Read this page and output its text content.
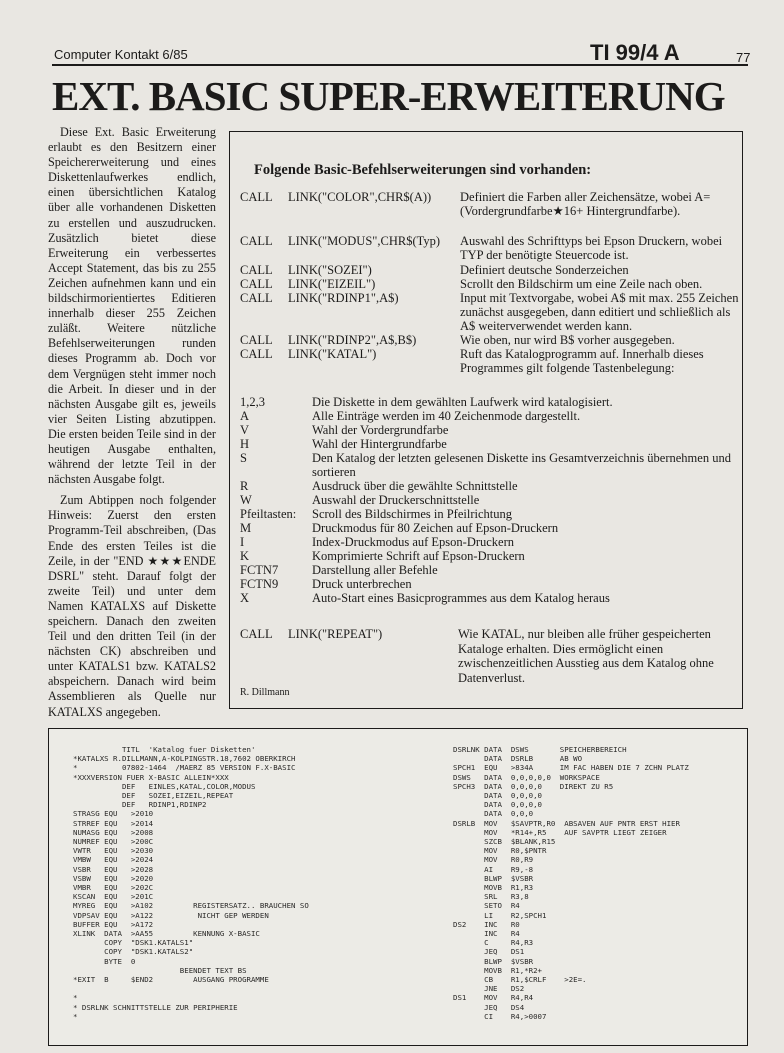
Computer Kontakt 6/85	TI 99/4 A	77
EXT. BASIC SUPER-ERWEITERUNG

Diese Ext. Basic Erweiterung erlaubt es den Besitzern einer Speichererweiterung und eines Diskettenlaufwerkes endlich, einen übersichtlichen Katalog über alle vorhandenen Disketten zu erstellen und auszudrucken. Zusätzlich bietet diese Erweiterung ein verbessertes Accept Statement, das bis zu 255 Zeichen aufnehmen kann und ein bildschirmorientiertes Editieren innerhalb dieser 255 Zeichen zuläßt. Weitere nützliche Befehlserweiterungen runden dieses Programm ab. Doch vor dem Vergnügen steht immer noch die Arbeit. In dieser und in der nächsten Ausgabe gilt es, jeweils vier Seiten Listing abzutippen. Die ersten beiden Teile sind in der heutigen Ausgabe enthalten, während der letzte Teil in der nächsten Ausgabe folgt.

Zum Abtippen noch folgender Hinweis: Zuerst den ersten Programm-Teil abschreiben, (Das Ende des ersten Teiles ist die Zeile, in der "END ★★★ENDE DSRL" steht. Darauf folgt der zweite Teil) und unter dem Namen KATALXS auf Diskette speichern. Danach den zweiten Teil und den dritten Teil (in der nächsten CK) abschreiben und unter KATALS1 bzw. KATALS2 abspeichern. Danach wird beim Assemblieren als Quelle nur KATALXS angegeben.

Folgende Basic-Befehlserweiterungen sind vorhanden:
CALL	LINK("COLOR",CHR$(A))	Definiert die Farben aller Zeichensätze, wobei A=(Vordergrundfarbe★16+ Hintergrundfarbe).
CALL	LINK("MODUS",CHR$(Typ)	Auswahl des Schrifttyps bei Epson Druckern, wobei TYP der benötigte Steuercode ist.
CALL	LINK("SOZEI")	Definiert deutsche Sonderzeichen
CALL	LINK("EIZEIL")	Scrollt den Bildschirm um eine Zeile nach oben.
CALL	LINK("RDINP1",A$)	Input mit Textvorgabe, wobei A$ mit max. 255 Zeichen zunächst ausgegeben, dann editiert und schließlich als A$ weiterverwendet werden kann.
CALL	LINK("RDINP2",A$,B$)	Wie oben, nur wird B$ vorher ausgegeben.
CALL	LINK("KATAL")	Ruft das Katalogprogramm auf. Innerhalb dieses Programmes gilt folgende Tastenbelegung:
1,2,3	Die Diskette in dem gewählten Laufwerk wird katalogisiert.
A	Alle Einträge werden im 40 Zeichenmode dargestellt.
V	Wahl der Vordergrundfarbe
H	Wahl der Hintergrundfarbe
S	Den Katalog der letzten gelesenen Diskette ins Gesamtverzeichnis übernehmen und sortieren
R	Ausdruck über die gewählte Schnittstelle
W	Auswahl der Druckerschnittstelle
Pfeiltasten:	Scroll des Bildschirmes in Pfeilrichtung
M	Druckmodus für 80 Zeichen auf Epson-Druckern
I	Index-Druckmodus auf Epson-Druckern
K	Komprimierte Schrift auf Epson-Druckern
FCTN7	Darstellung aller Befehle
FCTN9	Druck unterbrechen
X	Auto-Start eines Basicprogrammes aus dem Katalog heraus
CALL LINK("REPEAT")	Wie KATAL, nur bleiben alle früher gespeicherten Kataloge erhalten. Dies ermöglicht einen zwischenzeitlichen Ausstieg aus dem Katalog ohne Datenverlust.
R. Dillmann
TITL  'Katalog fuer Disketten'
*KATALXS R.DILLMANN,A-KOLPINGSTR.18,7602 OBERKIRCH
*          07802-1464  /MAERZ 85 VERSION F.X-BASIC
*XXXVERSION FUER X-BASIC ALLEIN*XXX
DEF   EINLES,KATAL,COLOR,MODUS
DEF   SOZEI,EIZEIL,REPEAT
DEF   RDINP1,RDINP2
STRASG EQU   >2010
STRREF EQU   >2014
NUMASG EQU   >2008
NUMREF EQU   >200C
VWTR   EQU   >2030
VMBW   EQU   >2024
VSBR   EQU   >2028
VSBW   EQU   >2020
VMBR   EQU   >202C
KSCAN  EQU   >201C
MYREG  EQU   >A102         REGISTERSATZ.. BRAUCHEN SO
VDPSAV EQU   >A122          NICHT GEP WERDEN
BUFFER EQU   >A172
XLINK  DATA  >AA55         KENNUNG X-BASIC
COPY  "DSK1.KATALS1"
COPY  "DSK1.KATALS2"
BYTE  0
BEENDET TEXT BS
*EXIT  B     $END2         AUSGANG PROGRAMME

*
* DSRLNK SCHNITTSTELLE ZUR PERIPHERIE
*
DSRLNK DATA  DSWS       SPEICHERBEREICH
DATA  DSRLB      AB WO
SPCH1  EQU   >834A      IM FAC HABEN DIE 7 ZCHN PLATZ
DSWS   DATA  0,0,0,0,0  WORKSPACE
SPCH3  DATA  0,0,0,0    DIREKT ZU R5
DATA  0,0,0,0
DATA  0,0,0,0
DATA  0,0,0
DSRLB  MOV   $SAVPTR,R0  ABSAVEN AUF PNTR ERST HIER
MOV   *R14+,R5    AUF SAVPTR LIEGT ZEIGER
SZCB  $BLANK,R15
MOV   R0,$PNTR
MOV   R0,R9
AI    R9,-8
BLWP  $VSBR
MOVB  R1,R3
SRL   R3,8
SETO  R4
LI    R2,SPCH1
DS2    INC   R0
INC   R4
C     R4,R3
JEQ   DS1
BLWP  $VSBR
MOVB  R1,*R2+
CB    R1,$CRLF    >2E=.
JNE   DS2
DS1    MOV   R4,R4
JEQ   DS4
CI    R4,>0007
